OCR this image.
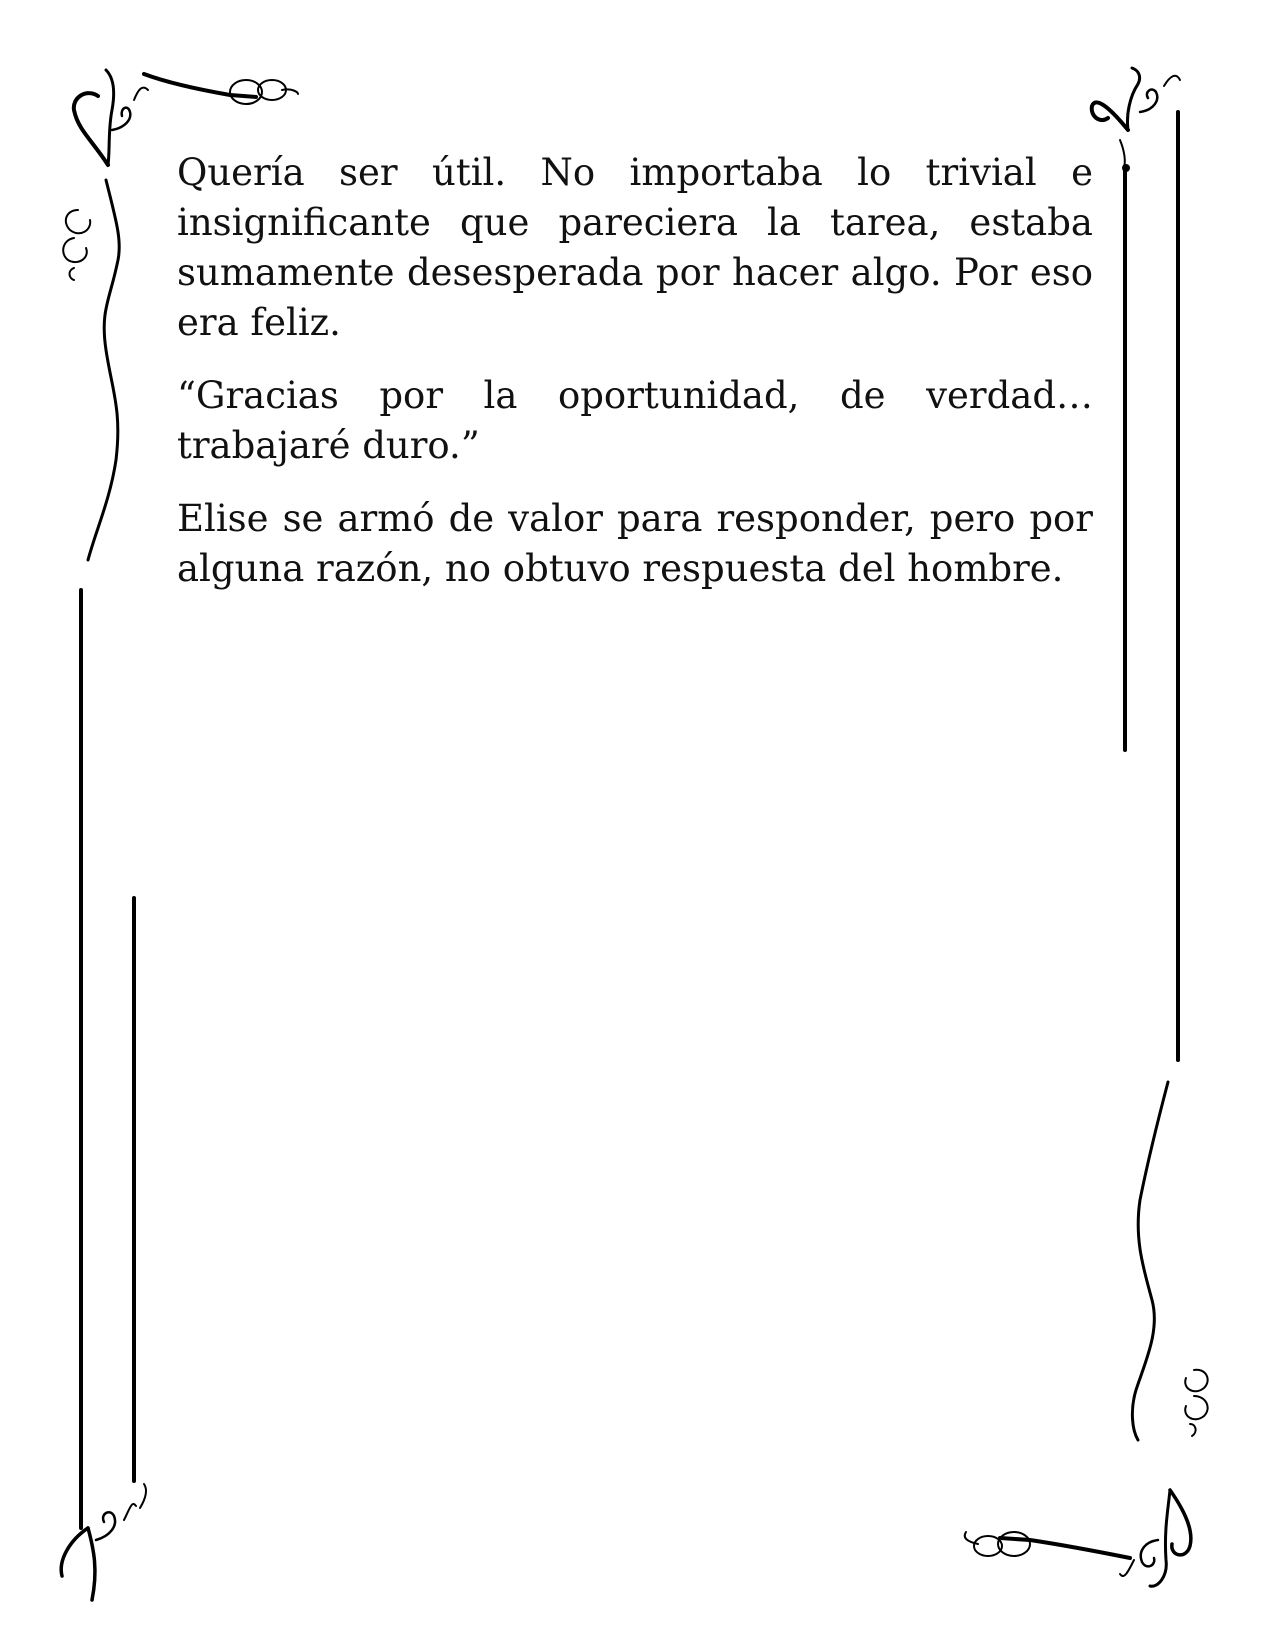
Quería ser útil. No importaba lo trivial e insignificante que pareciera la tarea, estaba sumamente desesperada por hacer algo. Por eso era feliz.

“Gracias por la oportunidad, de verdad… trabajaré duro.”

Elise se armó de valor para responder, pero por alguna razón, no obtuvo respuesta del hombre.
